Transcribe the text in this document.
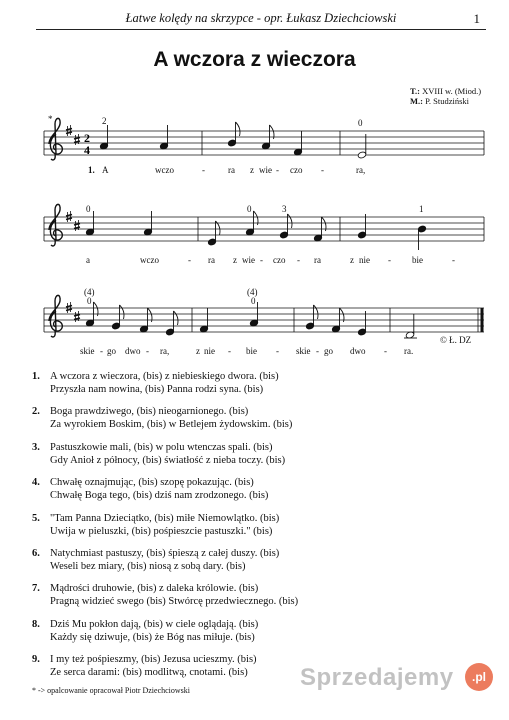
Łatwe kolędy na skrzypce - opr. Łukasz Dziechciowski	1
A wczora z wieczora
T.: XVIII w. (Miod.)
M.: P. Studziński
2
4
*	2	0
1. A	wczo	-	ra z wie - czo -	ra,
0	0	3	1
a	wczo	- ra z wie - czo - ra	z nie - bie	-
(4)
0
(4)
0
© Ł. DZ
skie - go dwo - ra,	z nie - bie - skie - go dwo - ra.
1. A wczora z wieczora, (bis) z niebieskiego dwora. (bis)
Przyszła nam nowina, (bis) Panna rodzi syna. (bis)
2. Boga prawdziwego, (bis) nieogarnionego. (bis)
Za wyrokiem Boskim, (bis) w Betlejem żydowskim. (bis)
3. Pastuszkowie mali, (bis) w polu wtenczas spali. (bis)
Gdy Anioł z północy, (bis) światłość z nieba toczy. (bis)
4. Chwałę oznajmując, (bis) szopę pokazując. (bis)
Chwałę Boga tego, (bis) dziś nam zrodzonego. (bis)
5. "Tam Panna Dzieciątko, (bis) miłe Niemowlątko. (bis)
Uwija w pieluszki, (bis) pośpieszcie pastuszki." (bis)
6. Natychmiast pastuszy, (bis) śpieszą z całej duszy. (bis)
Weseli bez miary, (bis) niosą z sobą dary. (bis)
7. Mądrości druhowie, (bis) z daleka królowie. (bis)
Pragną widzieć swego (bis) Stwórcę przedwiecznego. (bis)
8. Dziś Mu pokłon dają, (bis) w ciele oglądają. (bis)
Każdy się dziwuje, (bis) że Bóg nas miłuje. (bis)
9. I my też pośpieszmy, (bis) Jezusa ucieszmy. (bis)
Ze serca darami: (bis) modlitwą, cnotami. (bis)
* -> opalcowanie opracował Piotr Dziechciowski	Sprzedajemy	.pl
